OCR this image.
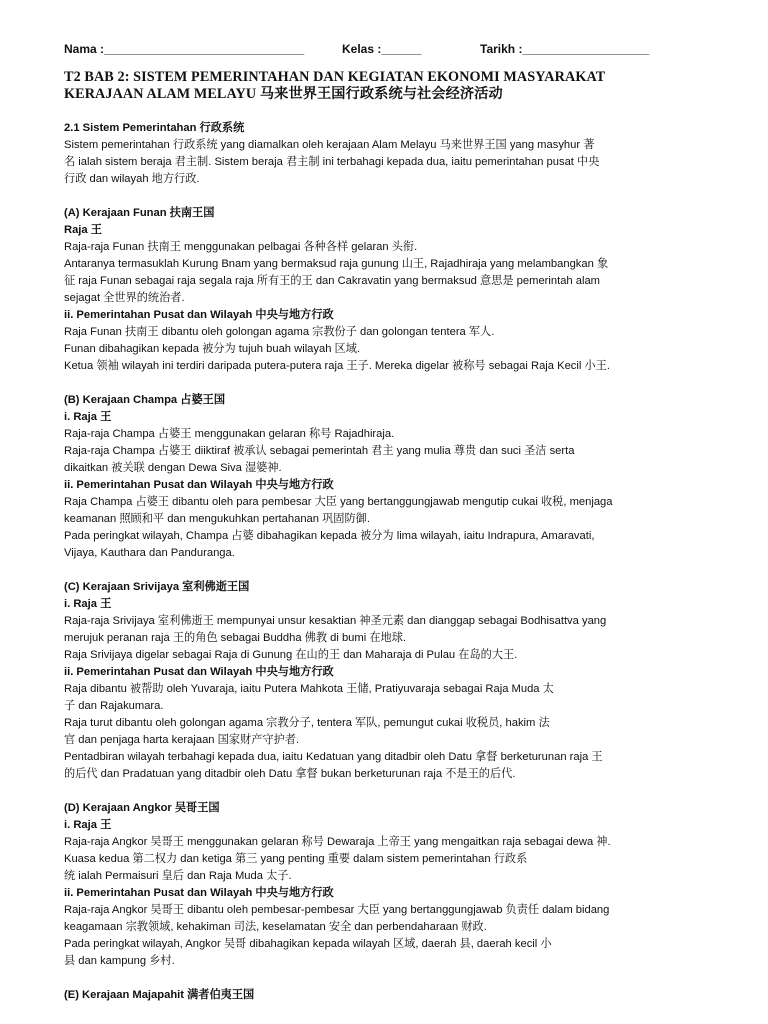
Nama :______________________________	Kelas :______	Tarikh :___________________
T2 BAB 2: SISTEM PEMERINTAHAN DAN KEGIATAN EKONOMI MASYARAKAT
KERAJAAN ALAM MELAYU 马来世界王国行政系统与社会经济活动
2.1 Sistem Pemerintahan 行政系统
Sistem pemerintahan 行政系统 yang diamalkan oleh kerajaan Alam Melayu 马来世界王国 yang masyhur 著
名 ialah sistem beraja 君主制. Sistem beraja 君主制 ini terbahagi kepada dua, iaitu pemerintahan pusat 中央
行政 dan wilayah 地方行政.
(A) Kerajaan Funan 扶南王国
Raja 王
Raja-raja Funan 扶南王 menggunakan pelbagai 各种各样 gelaran 头衔.
Antaranya termasuklah Kurung Bnam yang bermaksud raja gunung 山王, Rajadhiraja yang melambangkan 象
征 raja Funan sebagai raja segala raja 所有王的王 dan Cakravatin yang bermaksud 意思是 pemerintah alam
sejagat 全世界的统治者.
ii. Pemerintahan Pusat dan Wilayah 中央与地方行政
Raja Funan 扶南王 dibantu oleh golongan agama 宗教份子 dan golongan tentera 军人.
Funan dibahagikan kepada 被分为 tujuh buah wilayah 区域.
Ketua 领袖 wilayah ini terdiri daripada putera-putera raja 王子. Mereka digelar 被称号 sebagai Raja Kecil 小王.
(B) Kerajaan Champa 占婆王国
i. Raja 王
Raja-raja Champa 占婆王 menggunakan gelaran 称号 Rajadhiraja.
Raja-raja Champa 占婆王 diiktiraf 被承认 sebagai pemerintah 君主 yang mulia 尊贵 dan suci 圣洁 serta
dikaitkan 被关联 dengan Dewa Siva 湿婆神.
ii. Pemerintahan Pusat dan Wilayah 中央与地方行政
Raja Champa 占婆王 dibantu oleh para pembesar 大臣 yang bertanggungjawab mengutip cukai 收税, menjaga
keamanan 照顾和平 dan mengukuhkan pertahanan 巩固防御.
Pada peringkat wilayah, Champa 占婆 dibahagikan kepada 被分为 lima wilayah, iaitu Indrapura, Amaravati,
Vijaya, Kauthara dan Panduranga.
(C) Kerajaan Srivijaya 室利佛逝王国
i. Raja 王
Raja-raja Srivijaya 室利佛逝王 mempunyai unsur kesaktian 神圣元素 dan dianggap sebagai Bodhisattva yang
merujuk peranan raja 王的角色 sebagai Buddha 佛教 di bumi 在地球.
Raja Srivijaya digelar sebagai Raja di Gunung 在山的王 dan Maharaja di Pulau 在岛的大王.
ii. Pemerintahan Pusat dan Wilayah 中央与地方行政
Raja dibantu 被帮助 oleh Yuvaraja, iaitu Putera Mahkota 王储, Pratiyuvaraja sebagai Raja Muda 太
子 dan Rajakumara.
Raja turut dibantu oleh golongan agama 宗教分子, tentera 军队, pemungut cukai 收税员, hakim 法
官 dan penjaga harta kerajaan 国家财产守护者.
Pentadbiran wilayah terbahagi kepada dua, iaitu Kedatuan yang ditadbir oleh Datu 拿督 berketurunan raja 王
的后代 dan Pradatuan yang ditadbir oleh Datu 拿督 bukan berketurunan raja 不是王的后代.
(D) Kerajaan Angkor 吴哥王国
i. Raja 王
Raja-raja Angkor 吴哥王 menggunakan gelaran 称号 Dewaraja 上帝王 yang mengaitkan raja sebagai dewa 神.
Kuasa kedua 第二权力 dan ketiga 第三 yang penting 重要 dalam sistem pemerintahan 行政系
统 ialah Permaisuri 皇后 dan Raja Muda 太子.
ii. Pemerintahan Pusat dan Wilayah 中央与地方行政
Raja-raja Angkor 吴哥王 dibantu oleh pembesar-pembesar 大臣 yang bertanggungjawab 负责任 dalam bidang
keagamaan 宗教领域, kehakiman 司法, keselamatan 安全 dan perbendaharaan 财政.
Pada peringkat wilayah, Angkor 吴哥 dibahagikan kepada wilayah 区域, daerah 县, daerah kecil 小
县 dan kampung 乡村.
(E) Kerajaan Majapahit 满者伯夷王国
